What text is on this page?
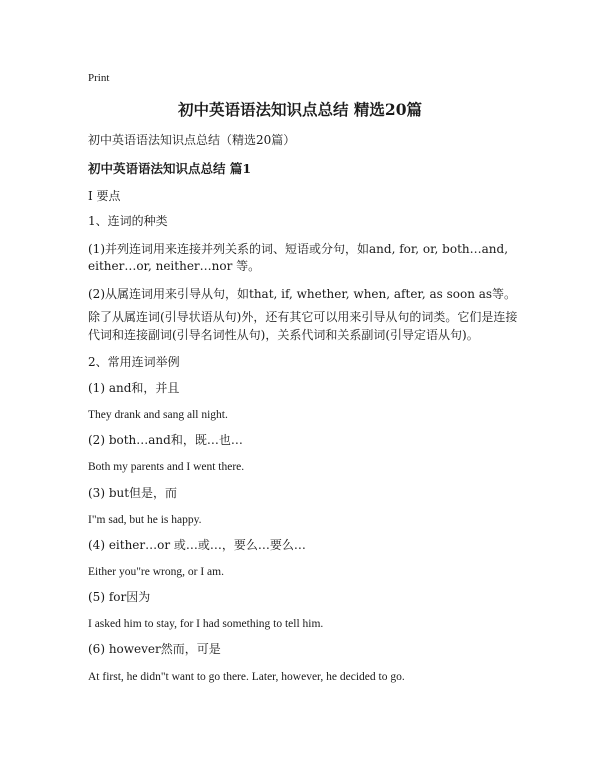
Print
初中英语语法知识点总结 精选20篇
初中英语语法知识点总结（精选20篇）
初中英语语法知识点总结 篇1
I 要点
1、连词的种类
(1)并列连词用来连接并列关系的词、短语或分句，如and, for, or, both…and,
either…or, neither…nor 等。
(2)从属连词用来引导从句，如that, if, whether, when, after, as soon as等。
除了从属连词(引导状语从句)外，还有其它可以用来引导从句的词类。它们是连接
代词和连接副词(引导名词性从句)，关系代词和关系副词(引导定语从句)。
2、常用连词举例
(1) and和，并且
They drank and sang all night.
(2) both…and和，既…也…
Both my parents and I went there.
(3) but但是，而
I"m sad, but he is happy.
(4) either…or 或…或…，要么…要么…
Either you"re wrong, or I am.
(5) for因为
I asked him to stay, for I had something to tell him.
(6) however然而，可是
At first, he didn"t want to go there. Later, however, he decided to go.
